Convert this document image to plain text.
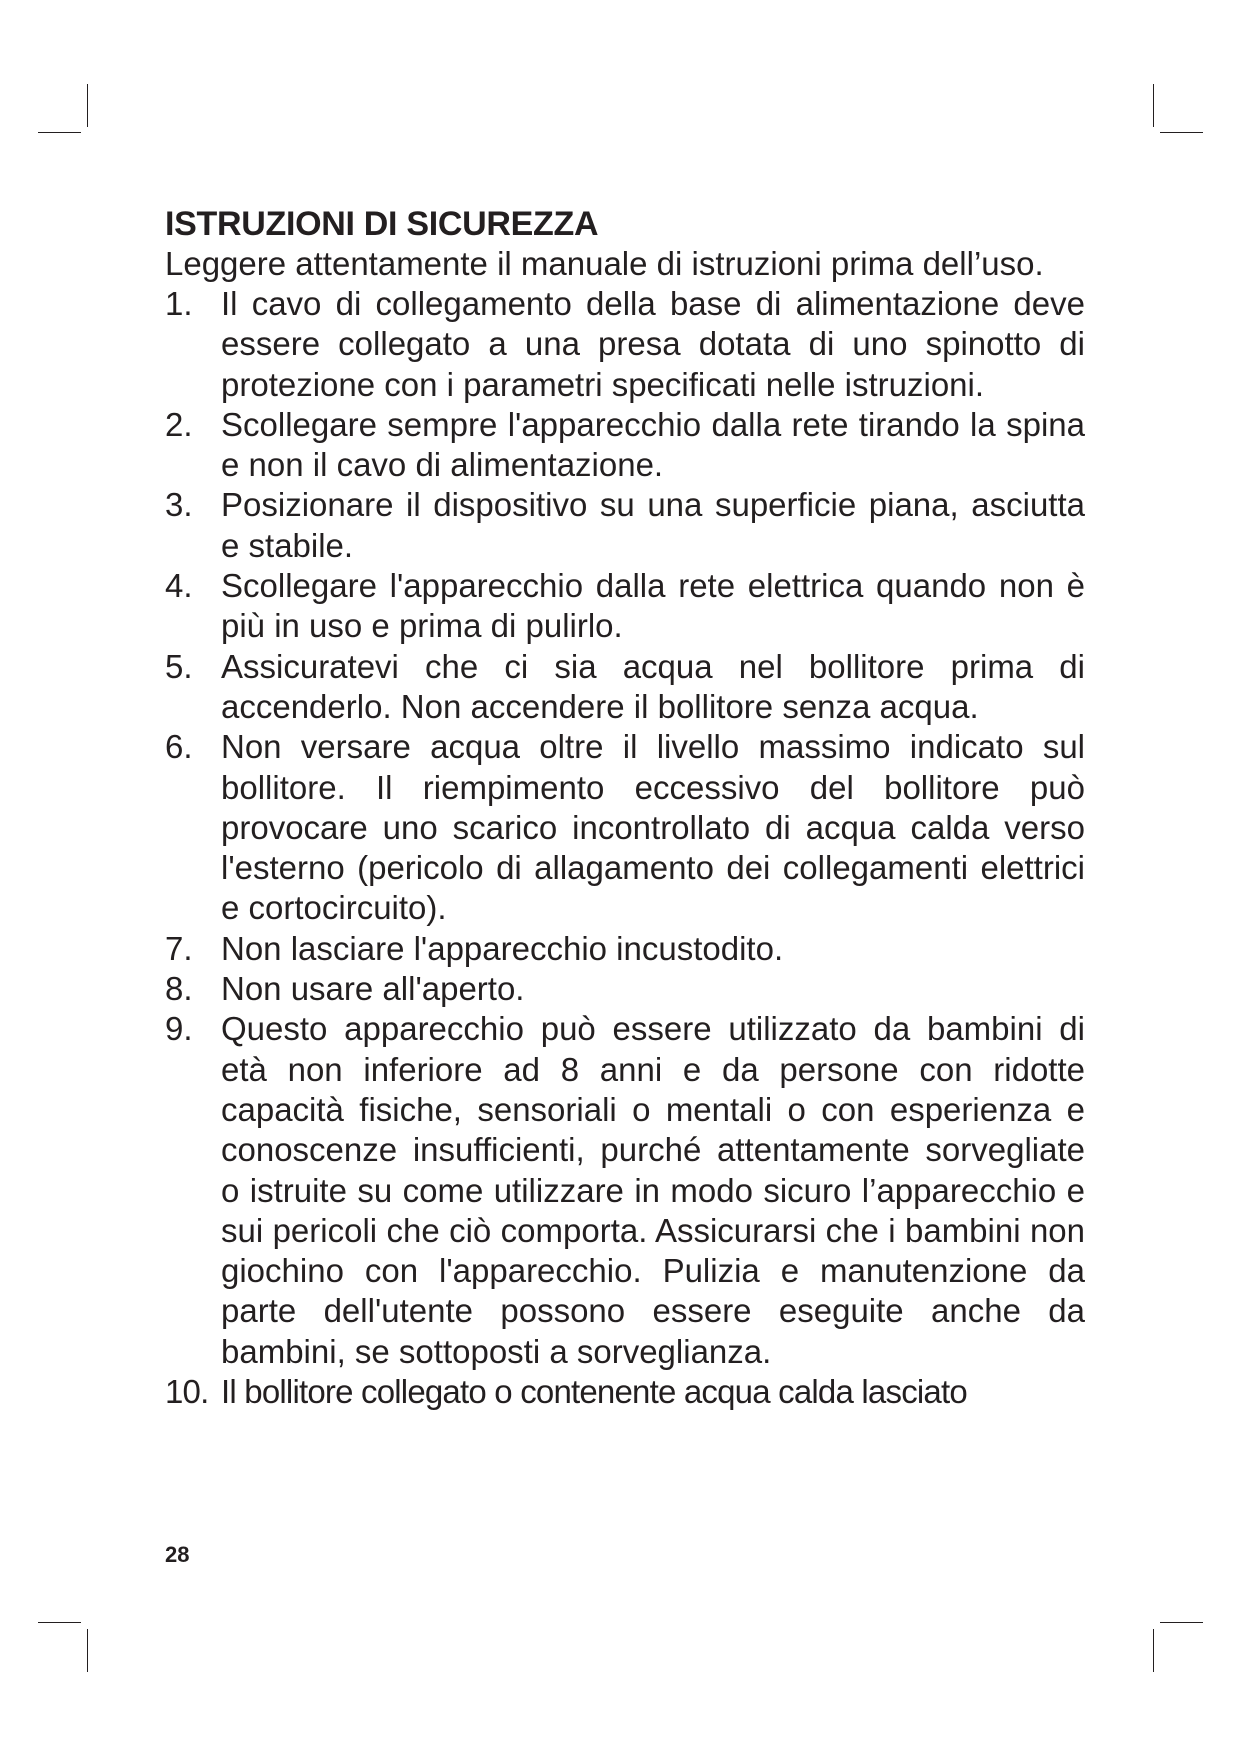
ISTRUZIONI DI SICUREZZA

Leggere attentamente il manuale di istruzioni prima dell’uso.

1. Il cavo di collegamento della base di alimentazione deve essere collegato a una presa dotata di uno spinotto di protezione con i parametri specificati nelle istruzioni.
2. Scollegare sempre l'apparecchio dalla rete tirando la spina e non il cavo di alimentazione.
3. Posizionare il dispositivo su una superficie piana, asciutta e stabile.
4. Scollegare l'apparecchio dalla rete elettrica quando non è più in uso e prima di pulirlo.
5. Assicuratevi che ci sia acqua nel bollitore prima di accenderlo. Non accendere il bollitore senza acqua.
6. Non versare acqua oltre il livello massimo indicato sul bollitore. Il riempimento eccessivo del bollitore può provocare uno scarico incontrollato di acqua calda verso l'esterno (pericolo di allagamento dei collegamenti elettrici e cortocircuito).
7. Non lasciare l'apparecchio incustodito.
8. Non usare all'aperto.
9. Questo apparecchio può essere utilizzato da bambini di età non inferiore ad 8 anni e da persone con ridotte capacità fisiche, sensoriali o mentali o con esperienza e conoscenze insufficienti, purché attentamente sorvegliate o istruite su come utilizzare in modo sicuro l’apparecchio e sui pericoli che ciò comporta. Assicurarsi che i bambini non giochino con l'apparecchio. Pulizia e manutenzione da parte dell'utente possono essere eseguite anche da bambini, se sottoposti a sorveglianza.
10. Il bollitore collegato o contenente acqua calda lasciato
28
